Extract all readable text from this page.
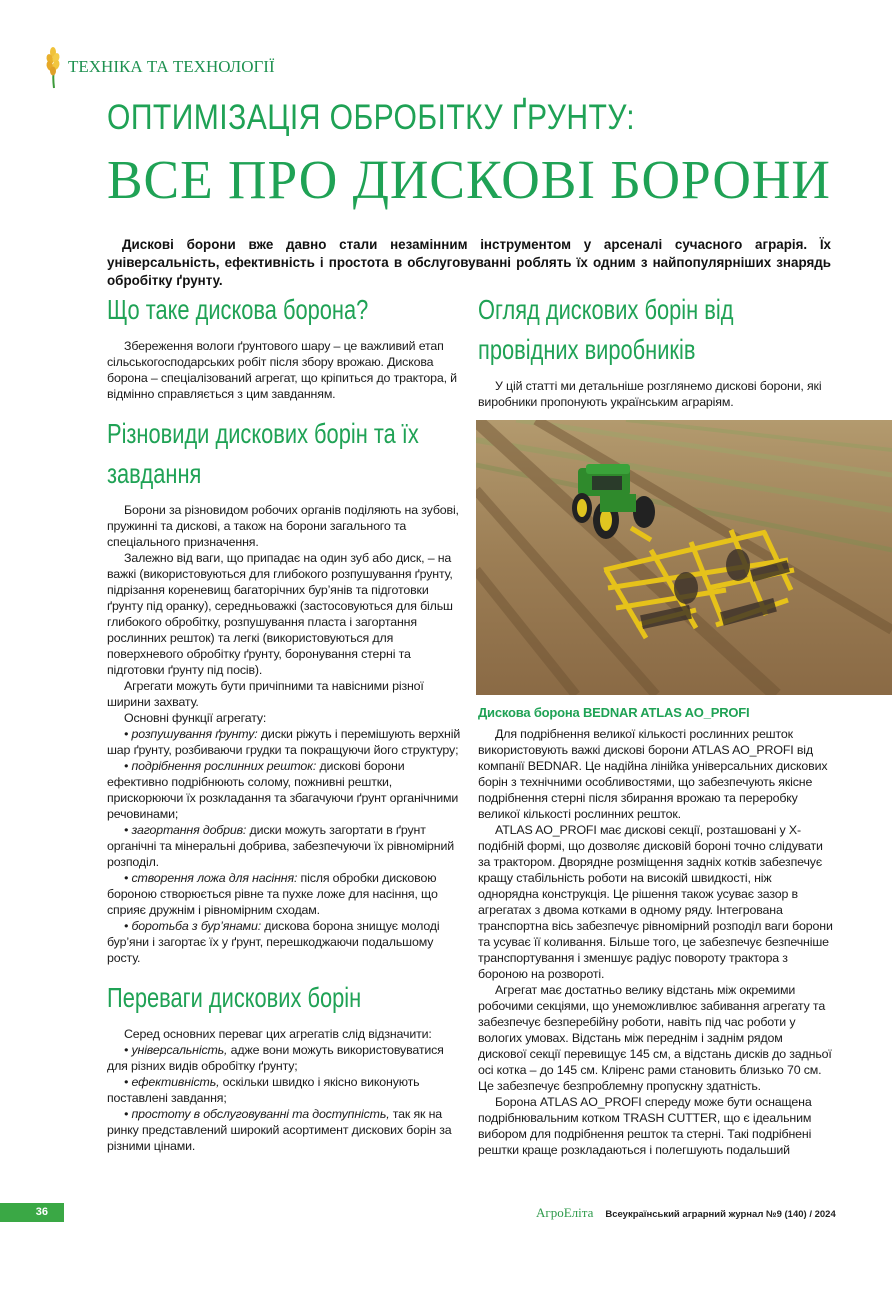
ТЕХНІКА ТА ТЕХНОЛОГІЇ
ОПТИМІЗАЦІЯ ОБРОБІТКУ ҐРУНТУ:
ВСЕ ПРО ДИСКОВІ БОРОНИ

Дискові борони вже давно стали незамінним інструментом у арсеналі сучасного аграрія. Їх універсальність, ефективність і простота в обслуговуванні роблять їх одним з найпопулярніших знарядь обробітку ґрунту.

Що таке дискова борона?

Збереження вологи ґрунтового шару – це важливий етап сільськогосподарських робіт після збору врожаю. Дискова борона – спеціалізований агрегат, що кріпиться до трактора, й відмінно справляється з цим завданням.

Різновиди дискових борін та їх завдання

Борони за різновидом робочих органів поділяють на зубові, пружинні та дискові, а також на борони загального та спеціального призначення.

Залежно від ваги, що припадає на один зуб або диск, – на важкі (використовуються для глибокого розпушування ґрунту, підрізання кореневищ багаторічних бур’янів та підготовки ґрунту під оранку), середньоважкі (застосовуються для більш глибокого обробітку, розпушування пласта і загортання рослинних решток) та легкі (використовуються для поверхневого обробітку ґрунту, боронування стерні та підготовки ґрунту під посів).

Агрегати можуть бути причіпними та навісними різної ширини захвату.

Основні функції агрегату:

• розпушування ґрунту: диски ріжуть і перемішують верхній шар ґрунту, розбиваючи грудки та покращуючи його структуру;

• подрібнення рослинних решток: дискові борони ефективно подрібнюють солому, пожнивні рештки, прискорюючи їх розкладання та збагачуючи ґрунт органічними речовинами;

• загортання добрив: диски можуть загортати в ґрунт органічні та мінеральні добрива, забезпечуючи їх рівномірний розподіл.

• створення ложа для насіння: після обробки дисковою бороною створюється рівне та пухке ложе для насіння, що сприяє дружнім і рівномірним сходам.

• боротьба з бур’янами: дискова борона знищує молоді бур’яни і загортає їх у ґрунт, перешкоджаючи подальшому росту.

Переваги дискових борін

Серед основних переваг цих агрегатів слід відзначити:

• універсальність, адже вони можуть використовуватися для різних видів обробітку ґрунту;

• ефективність, оскільки швидко і якісно виконують поставлені завдання;

• простоту в обслуговуванні та доступність, так як на ринку представлений широкий асортимент дискових борін за різними цінами.

Огляд дискових борін від провідних виробників

У цій статті ми детальніше розглянемо дискові борони, які виробники пропонують українським аграріям.

Дискова борона BEDNAR ATLAS AO_PROFI

Для подрібнення великої кількості рослинних решток використовують важкі дискові борони ATLAS AO_PROFI від компанії BEDNAR. Це надійна лінійка універсальних дискових борін з технічними особливостями, що забезпечують якісне подрібнення стерні після збирання врожаю та переробку великої кількості рослинних решток.

ATLAS AO_PROFI має дискові секції, розташовані у Х-подібній формі, що дозволяє дисковій бороні точно слідувати за трактором. Дворядне розміщення задніх котків забезпечує кращу стабільність роботи на високій швидкості, ніж однорядна конструкція. Це рішення також усуває зазор в агрегатах з двома котками в одному ряду. Інтегрована транспортна вісь забезпечує рівномірний розподіл ваги борони та усуває її коливання. Більше того, це забезпечує безпечніше транспортування і зменшує радіус повороту трактора з бороною на розвороті.

Агрегат має достатньо велику відстань між окремими робочими секціями, що унеможливлює забивання агрегату та забезпечує безперебійну роботи, навіть під час роботи у вологих умовах. Відстань між переднім і заднім рядом дискової секції перевищує 145 см, а відстань дисків до задньої осі котка – до 145 см. Кліренс рами становить близько 70 см. Це забезпечує безпроблемну пропускну здатність.

Борона ATLAS AO_PROFI спереду може бути оснащена подрібнювальним котком TRASH CUTTER, що є ідеальним вибором для подрібнення решток та стерні. Такі подрібнені рештки краще розкладаються і полегшують подальший

36	АгроЕліта Всеукраїнський аграрний журнал №9 (140) / 2024
